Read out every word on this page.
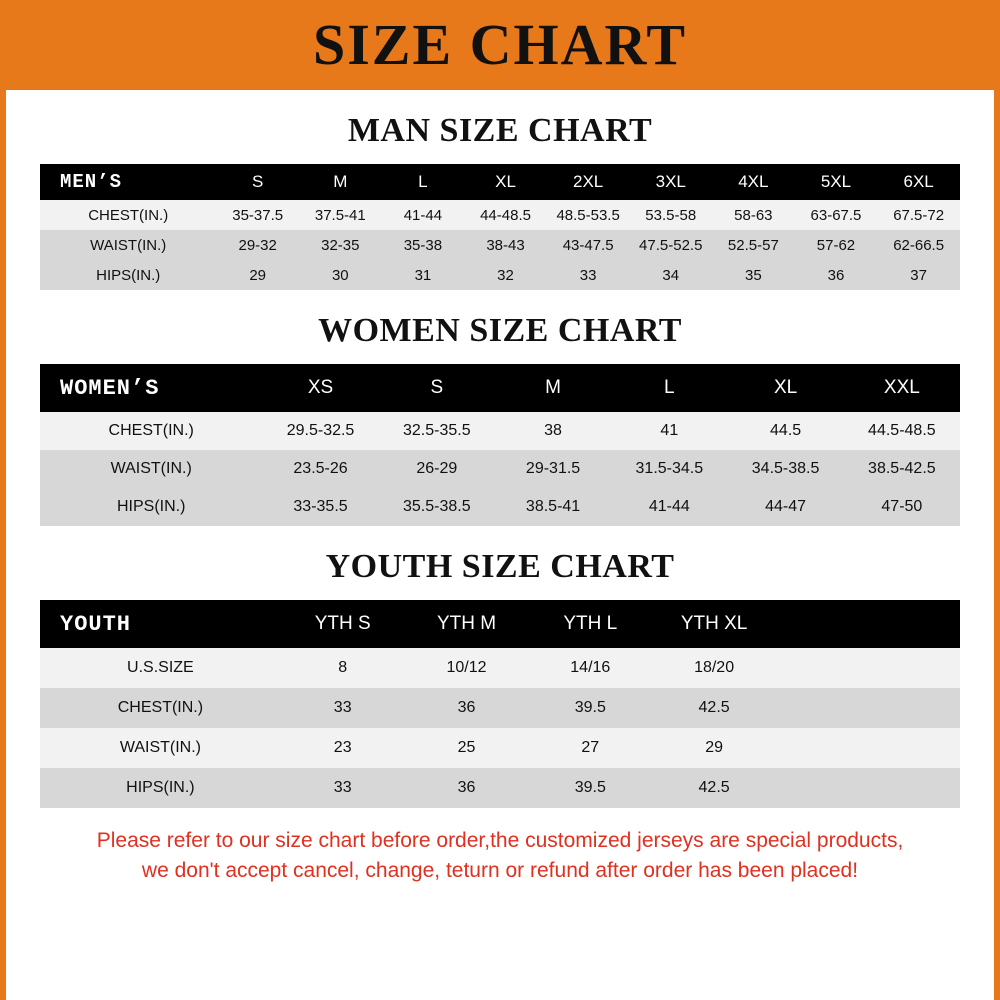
SIZE CHART
MAN SIZE CHART
MEN’S	S	M	L	XL	2XL	3XL	4XL	5XL	6XL
CHEST(IN.)	35-37.5	37.5-41	41-44	44-48.5	48.5-53.5	53.5-58	58-63	63-67.5	67.5-72
WAIST(IN.)	29-32	32-35	35-38	38-43	43-47.5	47.5-52.5	52.5-57	57-62	62-66.5
HIPS(IN.)	29	30	31	32	33	34	35	36	37
WOMEN SIZE CHART
WOMEN’S	XS	S	M	L	XL	XXL
CHEST(IN.)	29.5-32.5	32.5-35.5	38	41	44.5	44.5-48.5
WAIST(IN.)	23.5-26	26-29	29-31.5	31.5-34.5	34.5-38.5	38.5-42.5
HIPS(IN.)	33-35.5	35.5-38.5	38.5-41	41-44	44-47	47-50
YOUTH SIZE CHART
YOUTH	YTH S	YTH M	YTH L	YTH XL	
U.S.SIZE	8	10/12	14/16	18/20	
CHEST(IN.)	33	36	39.5	42.5	
WAIST(IN.)	23	25	27	29	
HIPS(IN.)	33	36	39.5	42.5	
Please refer to our size chart before order,the customized jerseys are special products,
we don't accept cancel, change, teturn or refund after order has been placed!
